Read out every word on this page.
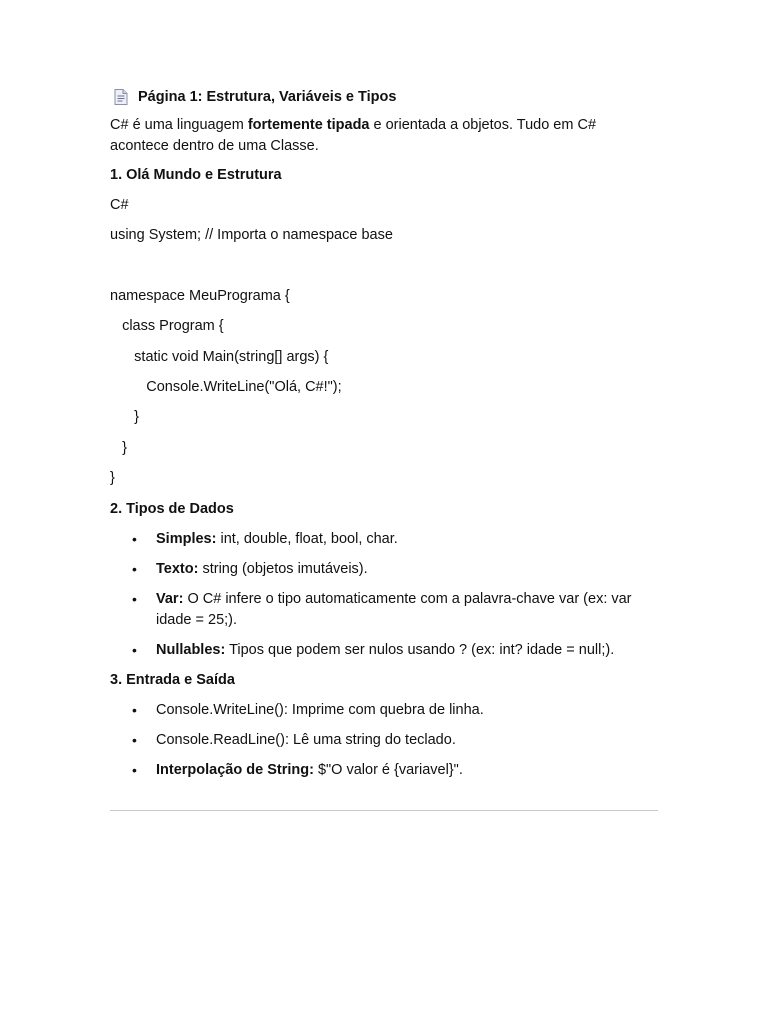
Página 1: Estrutura, Variáveis e Tipos

C# é uma linguagem fortemente tipada e orientada a objetos. Tudo em C# acontece dentro de uma Classe.

1. Olá Mundo e Estrutura
C#
using System; // Importa o namespace base
namespace MeuPrograma {
class Program {
static void Main(string[] args) {
Console.WriteLine("Olá, C#!");
}
}
}
2. Tipos de Dados
• Simples: int, double, float, bool, char.
• Texto: string (objetos imutáveis).
• Var: O C# infere o tipo automaticamente com a palavra-chave var (ex: var idade = 25;).
• Nullables: Tipos que podem ser nulos usando ? (ex: int? idade = null;).
3. Entrada e Saída
• Console.WriteLine(): Imprime com quebra de linha.
• Console.ReadLine(): Lê uma string do teclado.
• Interpolação de String: $"O valor é {variavel}".
